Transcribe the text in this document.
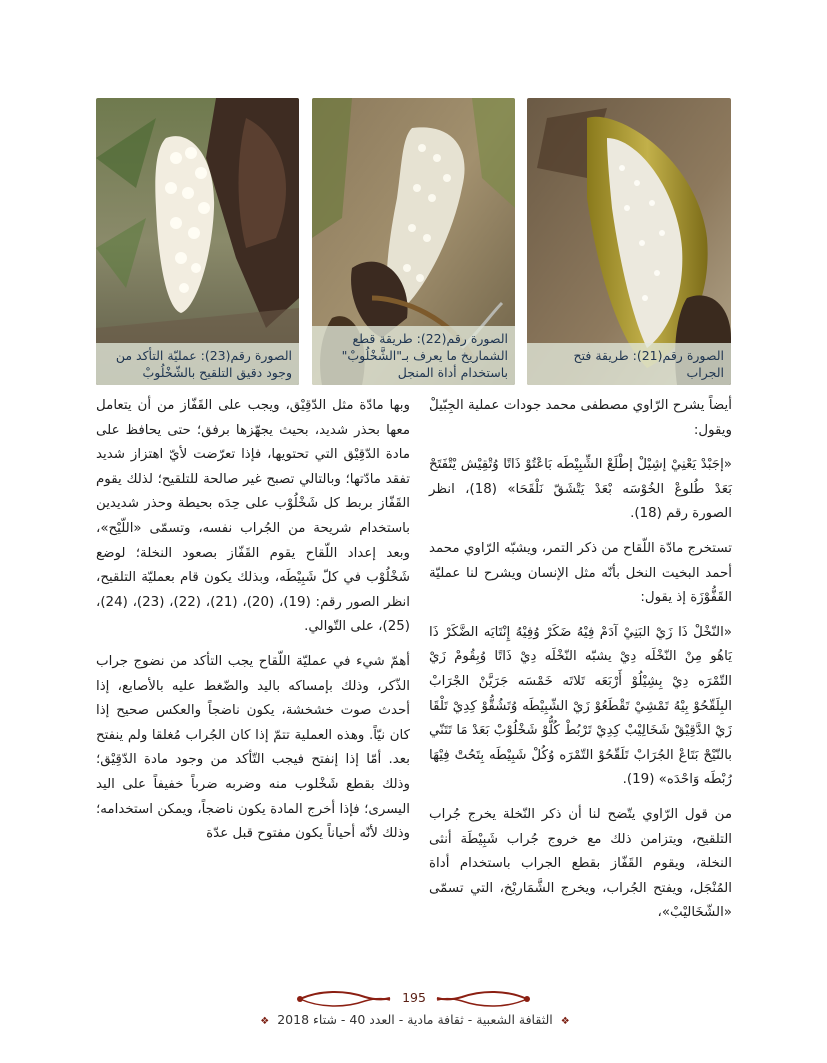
الصورة رقم(23): عمليّة التأكد من وجود دقيق التلقيح بالشّخْلُوبْ
الصورة رقم(22): طريقة قطع الشماريخ ما يعرف بـ"الشَّخْلُوبْ" باستخدام أداة المنجل
الصورة رقم(21): طريقة فتح الجراب

أيضاً يشرح الرّاوي مصطفى محمد جودات عملية الجِبّيلْ ويقول:

«إجَبْدْ يَعْنِيْ إشِيْلْ إطْلَعْ الشِّبِيْطَه بَاعْتُوْ ذَاتًا وُتْقِيْش يْتْفَتَحْ بَعَدْ طُلوعْ الخُوْسَه بْعَدْ يَتْشَقّ نَلْقَحَا» (18)، انظر الصورة رقم (18).

تستخرج مادّة اللّقاح من ذكر التمر، ويشبّه الرّاوي محمد أحمد البخيت النخل بأنّه مثل الإنسان ويشرح لنا عمليّة القَفُّوْزَة إذ يقول:

«النّخْلْ ذَا زَيْ البَنِيْ آدَمْ فِيْهُ ضَكَرْ وُفِيْهُ إِنْتَايَه الضَّكَرْ ذَا يَاهُو مِنْ النّخْلَه دِيْ يشبّه النّخْلَه دِيْ ذَاتًا وُبِقُومْ زَيْ التّمْرَه دِيْ بِشِيْلُوْ أَرْبَعَه تَلاتَه خَمْسَه جَرَيَّنْ الجْرَابْ البِلَقّحُوْ بِيْهُ تَمْشِيْ تَقْطَعُوْ زَيْ الشّبِيْطَه وُتَشُقُّوْ كِدِيْ تَلْقَا زَيْ الدَّقِيْقْ شَخَالِيْبْ كِدِيْ تَرْبُطْ كُلُّوْ شَخْلُوْبْ بَعَدْ مَا تَتَنّي بالنّيْحْ بَتَاعْ الجُرَابْ تَلَقّحُوْ التّمْرَه وُكُلْ شَبِيْطَه بِتَحُتْ فِيْهَا رُبْطَه وَاحْدَه» (19).

من قول الرّاوي يتّضح لنا أن ذكر النّخلة يخرج جُراب التلقيح، ويتزامن ذلك مع خروج جُراب شَبِيْطَة أنثى النخلة، ويقوم القَفّاز بقطع الجراب باستخدام أداة المُنْجَل، ويفتح الجُراب، ويخرج الشَّمَاريْخ، التي تسمّى «الشّخَاليْبْ»،

وبها مادّة مثل الدّقِيْق، ويجب على القَفّاز من أن يتعامل معها بحذر شديد، بحيث يجهّزها برفق؛ حتى يحافظ على مادة الدّقِيْق التي تحتويها، فإذا تعرّضت لأيّ اهتزاز شديد تفقد مادّتها؛ وبالتالي تصبح غير صالحة للتلقيح؛ لذلك يقوم القَفّاز بربط كل شَخْلُوْب على حِدَه بحيطة وحذر شديدين باستخدام شريحة من الجُراب نفسه، وتسمّى «اللّيْح»، وبعد إعداد اللّقاح يقوم القَفّاز بصعود النخلة؛ لوضع شَخْلُوْب في كلّ شَبِيْطَه، وبذلك يكون قام بعمليّة التلقيح، انظر الصور رقم: (19)، (20)، (21)، (22)، (23)، (24)، (25)، على التّوالي.

أهمّ شيء في عمليّة اللّقاح يجب التأكد من نضوج جراب الذّكر، وذلك بإمساكه باليد والضّغط عليه بالأصابع، إذا أحدث صوت خشخشة، يكون ناضجاً والعكس صحيح إذا كان نيّاً. وهذه العملية تتمّ إذا كان الجُراب مُغلقا ولم ينفتح بعد. أمّا إذا إنفتح فيجب التّأكد من وجود مادة الدّقِيْق؛ وذلك بقطع شَخْلوب منه وضربه ضرباً خفيفاً على اليد اليسرى؛ فإذا أخرج المادة يكون ناضجاً، ويمكن استخدامه؛ وذلك لأنّه أحياناً يكون مفتوح قبل عدّة

195
❖ الثقافة الشعبية - ثقافة مادية - العدد 40 - شتاء 2018 ❖
